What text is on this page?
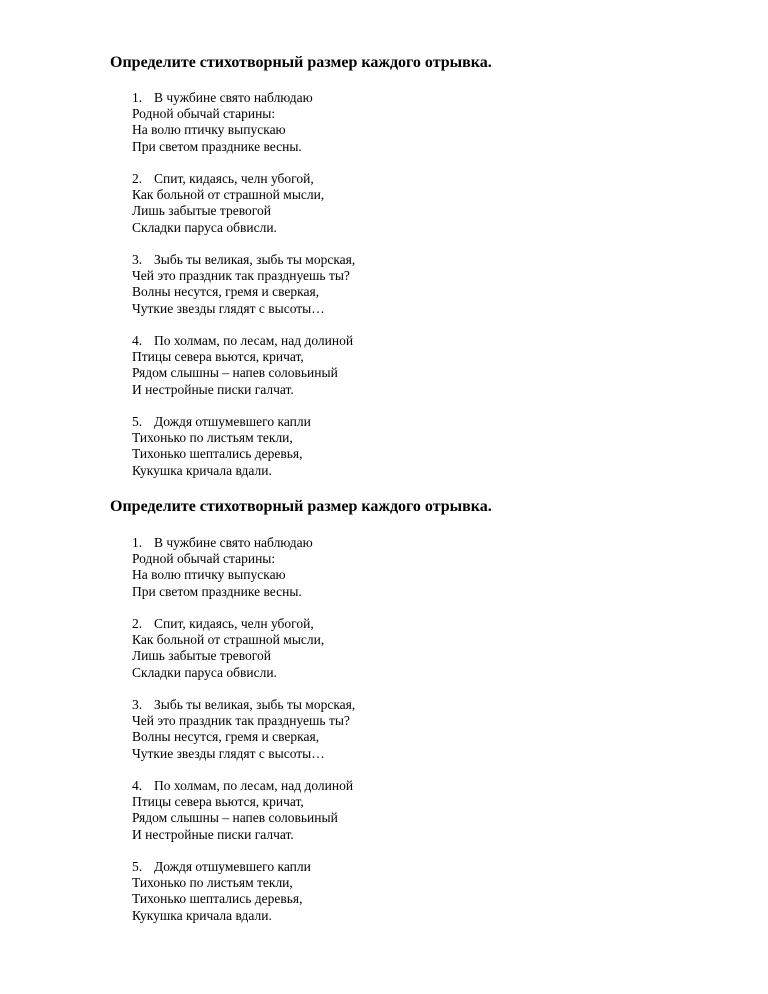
Определите стихотворный размер каждого отрывка.
1. В чужбине свято наблюдаю
Родной обычай старины:
На волю птичку выпускаю
При светом празднике весны.
2. Спит, кидаясь, челн убогой,
Как больной от страшной мысли,
Лишь забытые тревогой
Складки паруса обвисли.
3. Зыбь ты великая, зыбь ты морская,
Чей это праздник так празднуешь ты?
Волны несутся, гремя и сверкая,
Чуткие звезды глядят с высоты…
4. По холмам, по лесам, над долиной
Птицы севера вьются, кричат,
Рядом слышны – напев соловьиный
И нестройные писки галчат.
5. Дождя отшумевшего капли
Тихонько по листьям текли,
Тихонько шептались деревья,
Кукушка кричала вдали.
Определите стихотворный размер каждого отрывка.
1. В чужбине свято наблюдаю
Родной обычай старины:
На волю птичку выпускаю
При светом празднике весны.
2. Спит, кидаясь, челн убогой,
Как больной от страшной мысли,
Лишь забытые тревогой
Складки паруса обвисли.
3. Зыбь ты великая, зыбь ты морская,
Чей это праздник так празднуешь ты?
Волны несутся, гремя и сверкая,
Чуткие звезды глядят с высоты…
4. По холмам, по лесам, над долиной
Птицы севера вьются, кричат,
Рядом слышны – напев соловьиный
И нестройные писки галчат.
5. Дождя отшумевшего капли
Тихонько по листьям текли,
Тихонько шептались деревья,
Кукушка кричала вдали.
